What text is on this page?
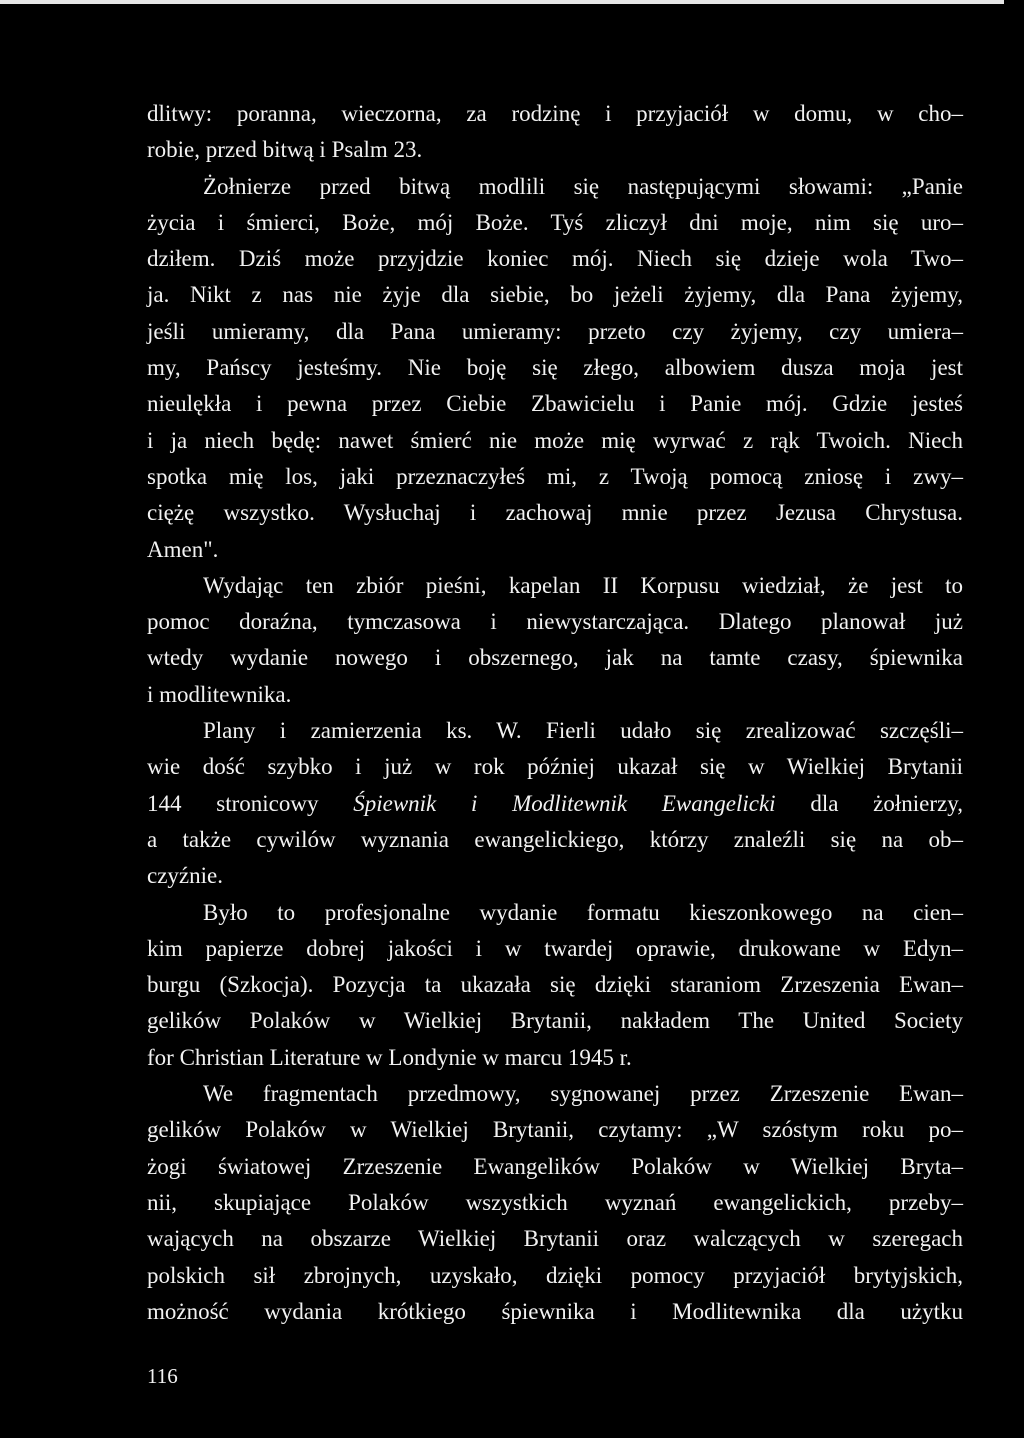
dlitwy: poranna, wieczorna, za rodzinę i przyjaciół w domu, w cho–
robie, przed bitwą i Psalm 23.
Żołnierze przed bitwą modlili się następującymi słowami: „Panie
życia i śmierci, Boże, mój Boże. Tyś zliczył dni moje, nim się uro–
dziłem. Dziś może przyjdzie koniec mój. Niech się dzieje wola Two–
ja. Nikt z nas nie żyje dla siebie, bo jeżeli żyjemy, dla Pana żyjemy,
jeśli umieramy, dla Pana umieramy: przeto czy żyjemy, czy umiera–
my, Pańscy jesteśmy. Nie boję się złego, albowiem dusza moja jest
nieulękła i pewna przez Ciebie Zbawicielu i Panie mój. Gdzie jesteś
i ja niech będę: nawet śmierć nie może mię wyrwać z rąk Twoich. Niech
spotka mię los, jaki przeznaczyłeś mi, z Twoją pomocą zniosę i zwy–
ciężę wszystko. Wysłuchaj i zachowaj mnie przez Jezusa Chrystusa.
Amen".
Wydając ten zbiór pieśni, kapelan II Korpusu wiedział, że jest to
pomoc doraźna, tymczasowa i niewystarczająca. Dlatego planował już
wtedy wydanie nowego i obszernego, jak na tamte czasy, śpiewnika
i modlitewnika.
Plany i zamierzenia ks. W. Fierli udało się zrealizować szczęśli–
wie dość szybko i już w rok później ukazał się w Wielkiej Brytanii
144 stronicowy Śpiewnik i Modlitewnik Ewangelicki dla żołnierzy,
a także cywilów wyznania ewangelickiego, którzy znaleźli się na ob–
czyźnie.
Było to profesjonalne wydanie formatu kieszonkowego na cien–
kim papierze dobrej jakości i w twardej oprawie, drukowane w Edyn–
burgu (Szkocja). Pozycja ta ukazała się dzięki staraniom Zrzeszenia Ewan–
gelików Polaków w Wielkiej Brytanii, nakładem The United Society
for Christian Literature w Londynie w marcu 1945 r.
We fragmentach przedmowy, sygnowanej przez Zrzeszenie Ewan–
gelików Polaków w Wielkiej Brytanii, czytamy: „W szóstym roku po–
żogi światowej Zrzeszenie Ewangelików Polaków w Wielkiej Bryta–
nii, skupiające Polaków wszystkich wyznań ewangelickich, przeby–
wających na obszarze Wielkiej Brytanii oraz walczących w szeregach
polskich sił zbrojnych, uzyskało, dzięki pomocy przyjaciół brytyjskich,
możność wydania krótkiego śpiewnika i Modlitewnika dla użytku
116
